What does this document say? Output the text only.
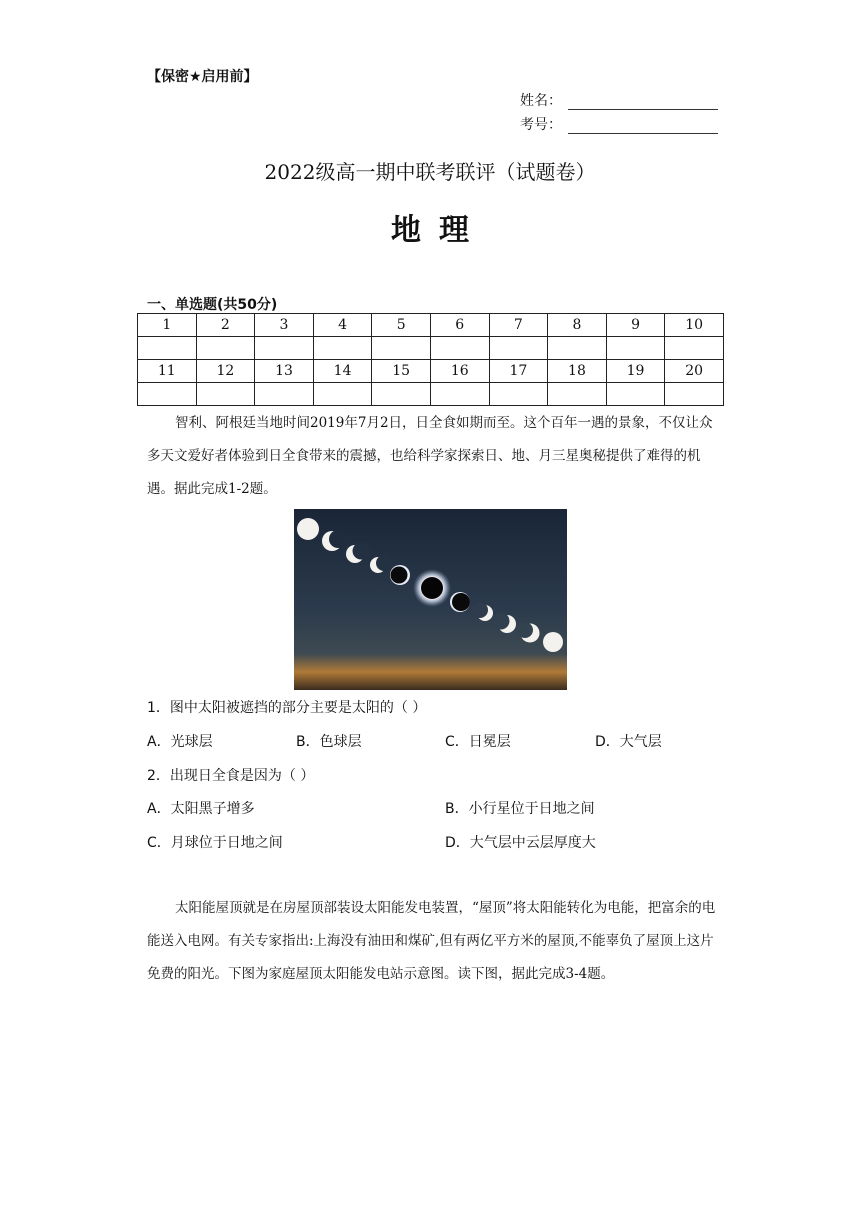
【保密★启用前】
姓名：
考号：
2022级高一期中联考联评（试题卷）
地理
一、单选题(共50分)
1	2	3	4	5	6	7	8	9	10

11	12	13	14	15	16	17	18	19	20

智利、阿根廷当地时间2019年7月2日，日全食如期而至。这个百年一遇的景象，不仅让众多天文爱好者体验到日全食带来的震撼，也给科学家探索日、地、月三星奥秘提供了难得的机遇。据此完成1-2题。
1．图中太阳被遮挡的部分主要是太阳的（ ）
A．光球层	B．色球层	C．日冕层	D．大气层
2．出现日全食是因为（ ）
A．太阳黑子增多	B．小行星位于日地之间
C．月球位于日地之间	D．大气层中云层厚度大
太阳能屋顶就是在房屋顶部装设太阳能发电装置，“屋顶”将太阳能转化为电能，把富余的电能送入电网。有关专家指出:上海没有油田和煤矿,但有两亿平方米的屋顶,不能辜负了屋顶上这片免费的阳光。下图为家庭屋顶太阳能发电站示意图。读下图，据此完成3-4题。
